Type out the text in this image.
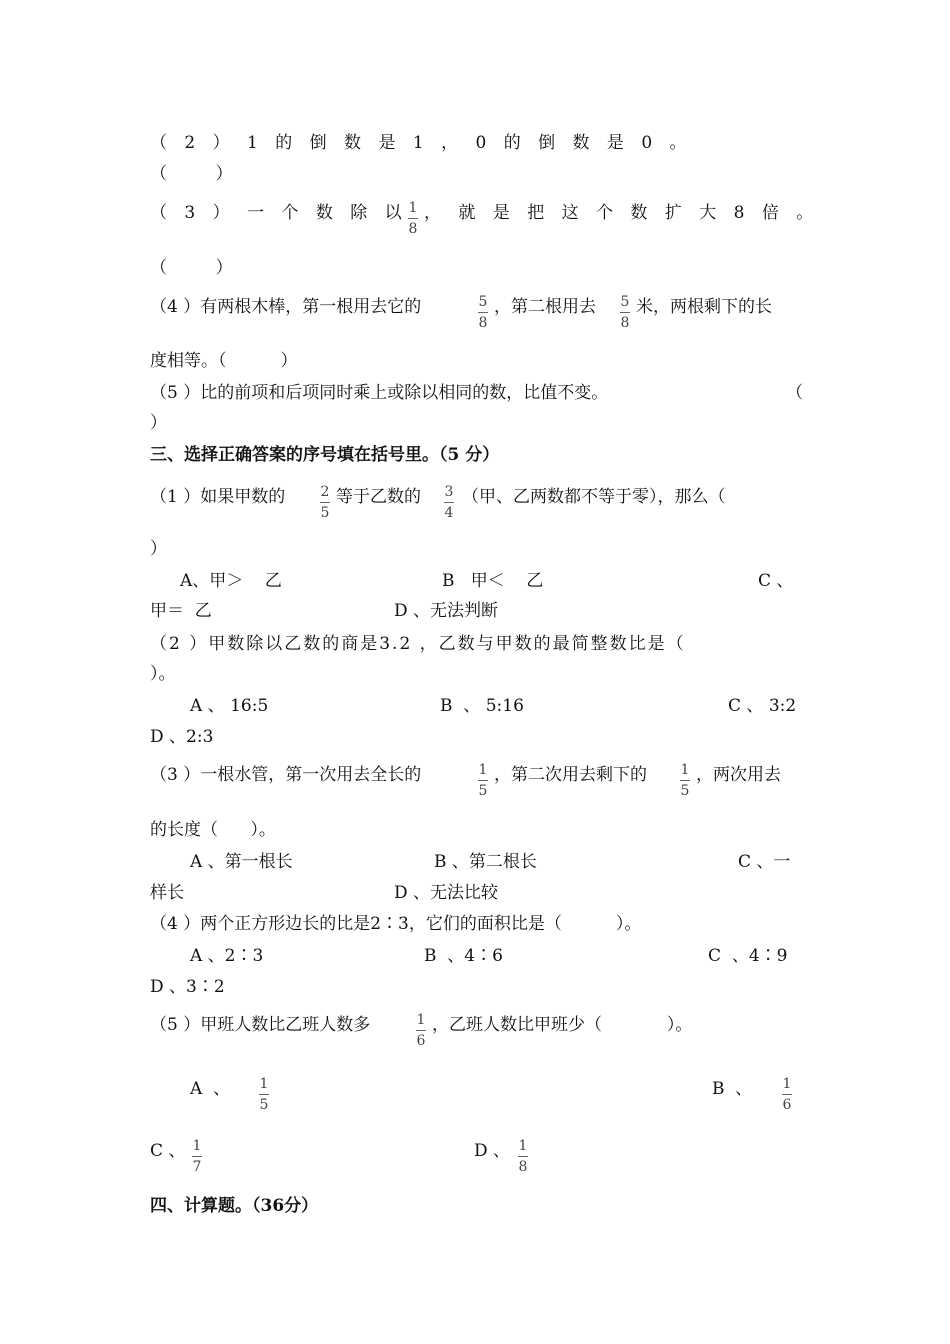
（ 2 ） 1 的 倒 数 是 1 ， 0 的 倒 数 是 0 。
（         ）
（ 3 ） 一 个 数 除 以 1
8
， 就 是 把 这 个 数 扩 大 8 倍 。
（         ）
（4 ）有两根木棒，第一根用去它的	5
8
，第二根用去 5
8
米，两根剩下的长
度相等。（          ）
（5 ）比的前项和后项同时乘上或除以相同的数，比值不变。	（
）
三、选择正确答案的序号填在括号里。（5 分）
（1 ）如果甲数的	2
5
等于乙数的 3
4
（甲、乙两数都不等于零），那么（
）
A、甲＞    乙	B   甲＜    乙	C 、
甲＝  乙	D 、无法判断
（2 ）甲数除以乙数的商是3.2 ，乙数与甲数的最简整数比是（
）。
A 、 16:5	B  、 5:16	C 、 3:2
D 、2:3
（3 ）一根水管，第一次用去全长的	1
5
，第二次用去剩下的 1
5
，两次用去
的长度（      ）。
A 、第一根长	B 、第二根长	C 、一
样长	D 、无法比较
（4 ）两个正方形边长的比是2∶3，它们的面积比是（          ）。
A 、2∶3	B  、4∶6	C  、4∶9
D 、3∶2
（5 ）甲班人数比乙班人数多	1
6
，乙班人数比甲班少（            ）。
A  、 1
5
B  、 1
6
C 、 1
7
D 、 1
8
四、计算题。（36分）
